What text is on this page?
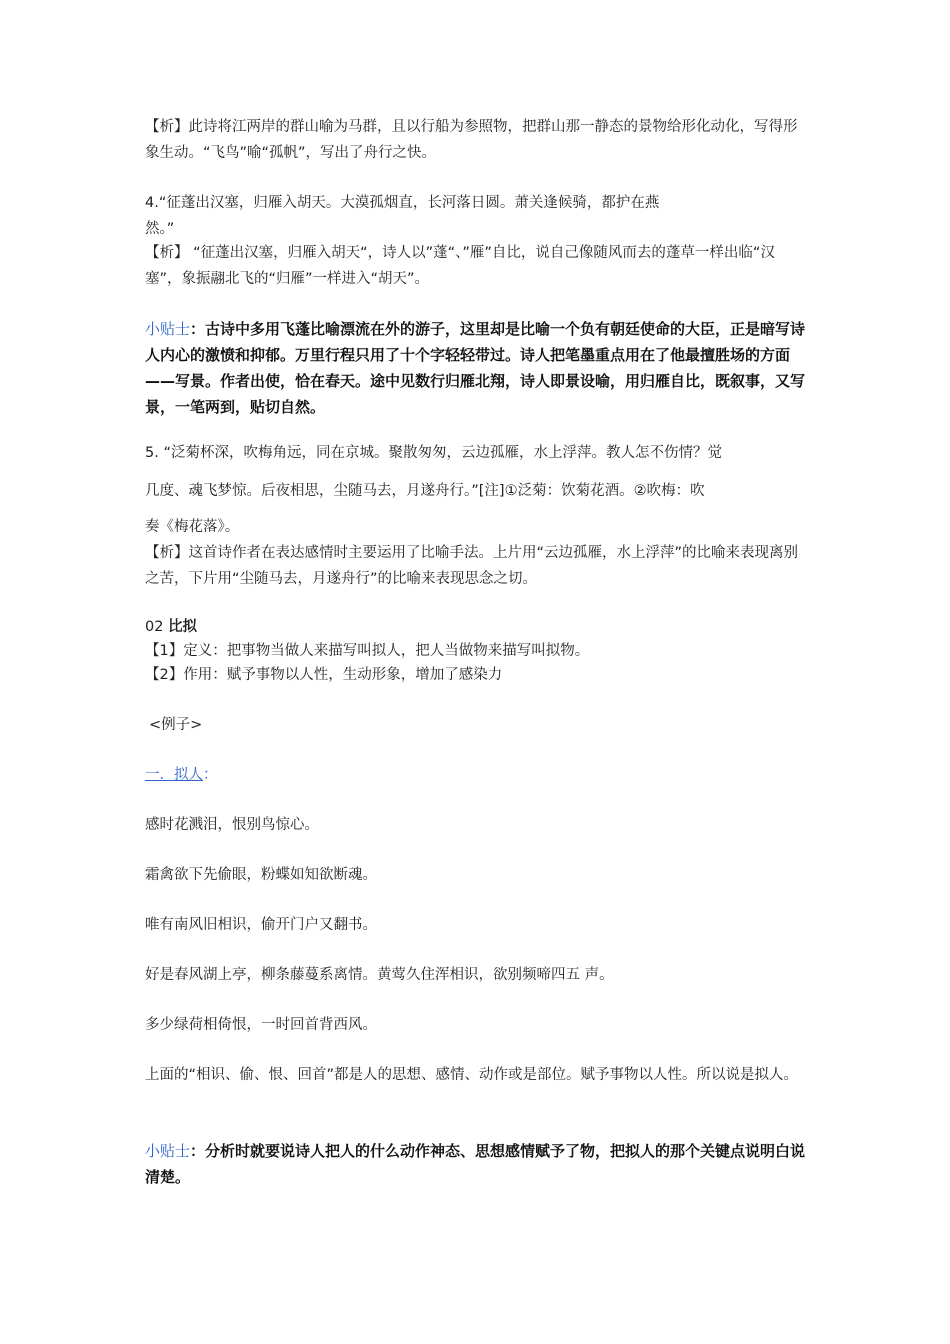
【析】此诗将江两岸的群山喻为马群，且以行船为参照物，把群山那一静态的景物给形化动化，写得形象生动。“飞鸟”喻“孤帆”，写出了舟行之快。
4.“征蓬出汉塞，归雁入胡天。大漠孤烟直，长河落日圆。萧关逢候骑，都护在燕
然。”
【析】 “征蓬出汉塞，归雁入胡天“，诗人以”蓬“、”雁”自比，说自己像随风而去的蓬草一样出临“汉塞”，象振翮北飞的“归雁”一样进入“胡天”。
小贴士：古诗中多用飞蓬比喻漂流在外的游子，这里却是比喻一个负有朝廷使命的大臣，正是暗写诗人内心的激愤和抑郁。万里行程只用了十个字轻轻带过。诗人把笔墨重点用在了他最擅胜场的方面——写景。作者出使，恰在春天。途中见数行归雁北翔，诗人即景设喻，用归雁自比，既叙事，又写景，一笔两到，贴切自然。
5. “泛菊杯深，吹梅角远，同在京城。聚散匆匆，云边孤雁，水上浮萍。教人怎不伤情？觉
几度、魂飞梦惊。后夜相思，尘随马去，月遂舟行。”[注]①泛菊：饮菊花酒。②吹梅：吹
奏《梅花落》。
【析】这首诗作者在表达感情时主要运用了比喻手法。上片用“云边孤雁，水上浮萍”的比喻来表现离别之苦，下片用“尘随马去，月遂舟行”的比喻来表现思念之切。
02 比拟
【1】定义：把事物当做人来描写叫拟人，把人当做物来描写叫拟物。
【2】作用：赋予事物以人性，生动形象，增加了感染力
<例子>
一．拟人：
感时花溅泪，恨别鸟惊心。
霜禽欲下先偷眼，粉蝶如知欲断魂。
唯有南风旧相识，偷开门户又翻书。
好是春风湖上亭，柳条藤蔓系离情。黄莺久住浑相识，欲别频啼四五 声。
多少绿荷相倚恨，一时回首背西风。
上面的“相识、偷、恨、回首”都是人的思想、感情、动作或是部位。赋予事物以人性。所以说是拟人。
小贴士：分析时就要说诗人把人的什么动作神态、思想感情赋予了物，把拟人的那个关键点说明白说清楚。
